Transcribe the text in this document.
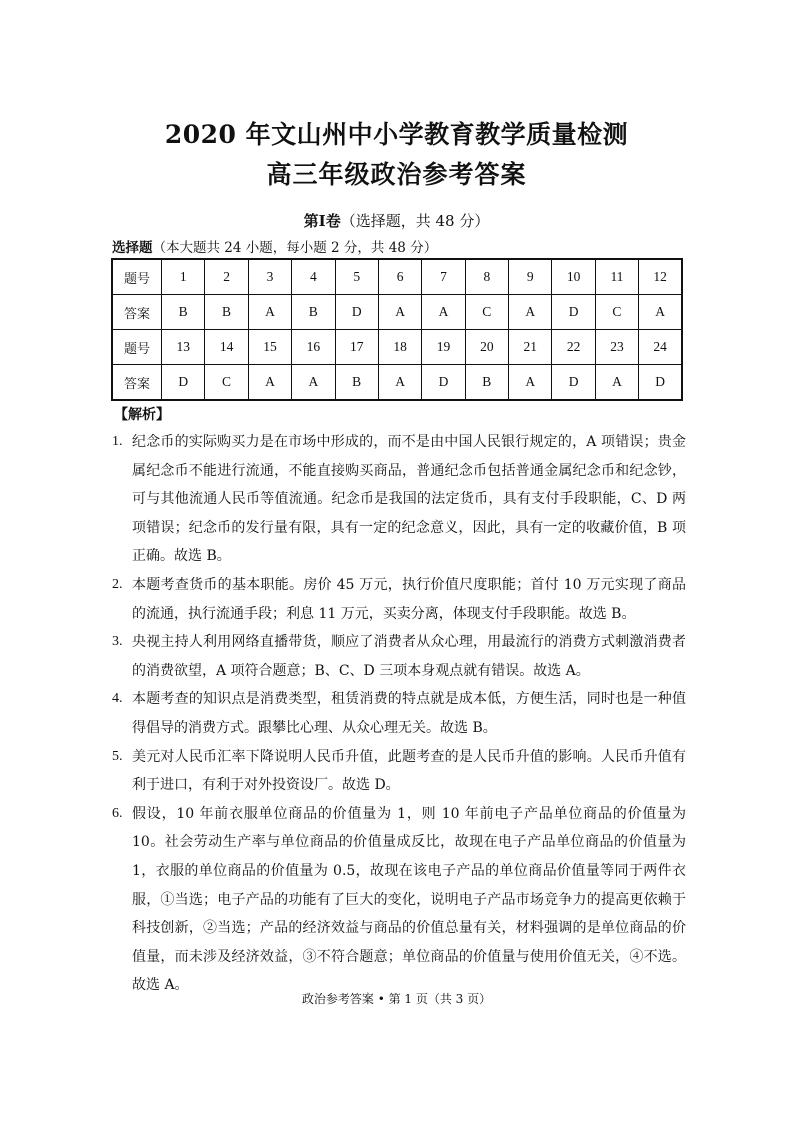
2020 年文山州中小学教育教学质量检测
高三年级政治参考答案
第Ⅰ卷（选择题，共 48 分）
选择题（本大题共 24 小题，每小题 2 分，共 48 分）
题号	1	2	3	4	5	6	7	8	9	10	11	12
答案	B	B	A	B	D	A	A	C	A	D	C	A
题号	13	14	15	16	17	18	19	20	21	22	23	24
答案	D	C	A	A	B	A	D	B	A	D	A	D
【解析】
1. 纪念币的实际购买力是在市场中形成的，而不是由中国人民银行规定的，A 项错误；贵金属纪念币不能进行流通，不能直接购买商品，普通纪念币包括普通金属纪念币和纪念钞，可与其他流通人民币等值流通。纪念币是我国的法定货币，具有支付手段职能，C、D 两项错误；纪念币的发行量有限，具有一定的纪念意义，因此，具有一定的收藏价值，B 项正确。故选 B。
2. 本题考查货币的基本职能。房价 45 万元，执行价值尺度职能；首付 10 万元实现了商品的流通，执行流通手段；利息 11 万元，买卖分离，体现支付手段职能。故选 B。
3. 央视主持人利用网络直播带货，顺应了消费者从众心理，用最流行的消费方式刺激消费者的消费欲望，A 项符合题意；B、C、D 三项本身观点就有错误。故选 A。
4. 本题考查的知识点是消费类型，租赁消费的特点就是成本低，方便生活，同时也是一种值得倡导的消费方式。跟攀比心理、从众心理无关。故选 B。
5. 美元对人民币汇率下降说明人民币升值，此题考查的是人民币升值的影响。人民币升值有利于进口，有利于对外投资设厂。故选 D。
6. 假设，10 年前衣服单位商品的价值量为 1，则 10 年前电子产品单位商品的价值量为 10。社会劳动生产率与单位商品的价值量成反比，故现在电子产品单位商品的价值量为 1，衣服的单位商品的价值量为 0.5，故现在该电子产品的单位商品价值量等同于两件衣服，①当选；电子产品的功能有了巨大的变化，说明电子产品市场竞争力的提高更依赖于科技创新，②当选；产品的经济效益与商品的价值总量有关，材料强调的是单位商品的价值量，而未涉及经济效益，③不符合题意；单位商品的价值量与使用价值无关，④不选。故选 A。
政治参考答案 • 第 1 页（共 3 页）
